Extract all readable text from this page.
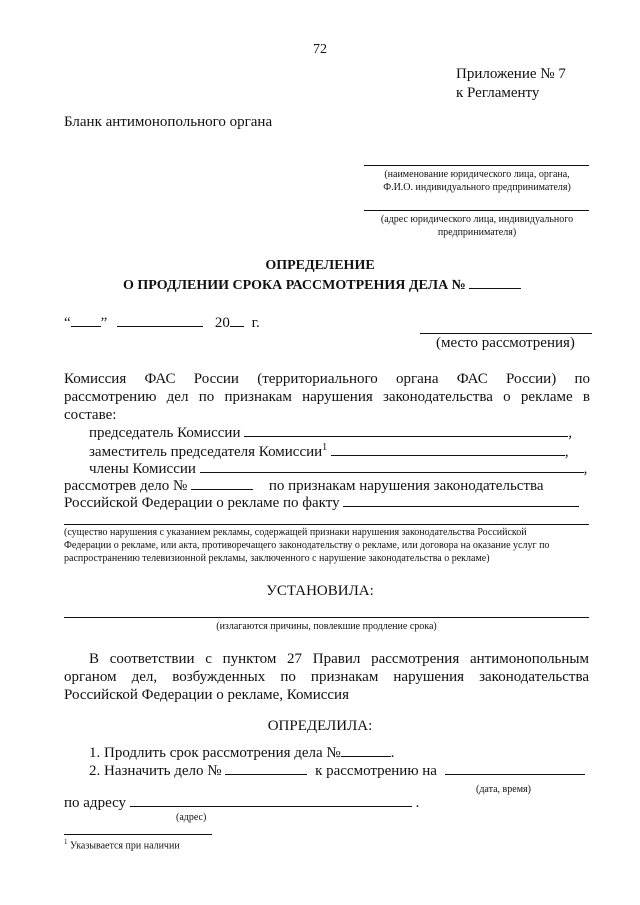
72
Приложение № 7
к Регламенту
Бланк антимонопольного органа
(наименование юридического лица, органа,
Ф.И.О. индивидуального предпринимателя)
(адрес юридического лица, индивидуального
предпринимателя)
ОПРЕДЕЛЕНИЕ
О ПРОДЛЕНИИ СРОКА РАССМОТРЕНИЯ ДЕЛА №
“ ”	20 г.
(место рассмотрения)
Комиссия ФАС России (территориального органа ФАС России) по
рассмотрению дел по признакам нарушения законодательства о рекламе в
составе:
председатель Комиссии	,
заместитель председателя Комиссии$^1$	,
члены Комиссии	,
рассмотрев дело №	по признакам нарушения законодательства
Российской Федерации о рекламе по факту
(существо нарушения с указанием рекламы, содержащей признаки нарушения законодательства Российской
Федерации о рекламе, или акта, противоречащего законодательству о рекламе, или договора на оказание услуг по
распространению телевизионной рекламы, заключенного с нарушение законодательства о рекламе)
УСТАНОВИЛА:
(излагаются причины, повлекшие продление срока)
В соответствии с пунктом 27 Правил рассмотрения антимонопольным
органом дел, возбужденных по признакам нарушения законодательства
Российской Федерации о рекламе, Комиссия
ОПРЕДЕЛИЛА:
1. Продлить срок рассмотрения дела №	.
2. Назначить дело №	к рассмотрению на
(дата, время)
по адресу	.
(адрес)
$^1$ Указывается при наличии
